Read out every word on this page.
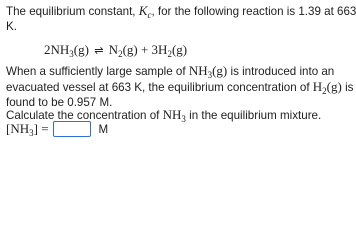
The equilibrium constant, $K_c$, for the following reaction is 1.39 at 663
K.
$2NH_3(g)$ ⇌ $N_2(g) + 3H_2(g)$
When a sufficiently large sample of $NH_3(g)$ is introduced into an
evacuated vessel at 663 K, the equilibrium concentration of $H_2(g)$ is
found to be 0.957 M.
$[NH_3]$ =	M
Calculate the concentration of $NH_3$ in the equilibrium mixture.
